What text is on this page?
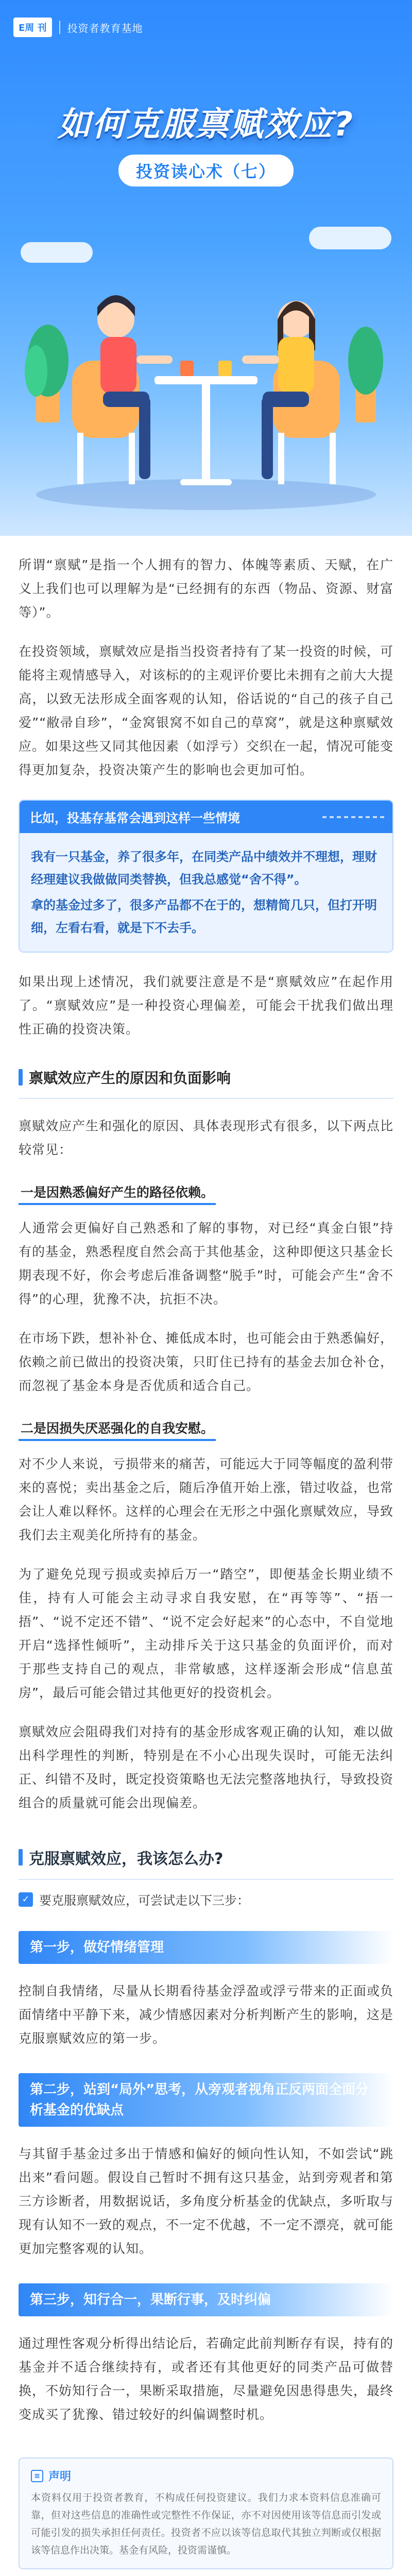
E周 刊	投资者教育基地
如何克服禀赋效应?
投资读心术（七）

所谓“禀赋”是指一个人拥有的智力、体魄等素质、天赋，在广义上我们也可以理解为是“已经拥有的东西（物品、资源、财富等）”。

在投资领域，禀赋效应是指当投资者持有了某一投资的时候，可能将主观情感导入，对该标的的主观评价要比未拥有之前大大提高，以致无法形成全面客观的认知，俗话说的“自己的孩子自己爱”“敝帚自珍”，“金窝银窝不如自己的草窝”，就是这种禀赋效应。如果这些又同其他因素（如浮亏）交织在一起，情况可能变得更加复杂，投资决策产生的影响也会更加可怕。

比如，投基存基常会遇到这样一些情境

我有一只基金，养了很多年，在同类产品中绩效并不理想，理财经理建议我做做同类替换，但我总感觉“舍不得”。

拿的基金过多了，很多产品都不在于的，想精简几只，但打开明细，左看右看，就是下不去手。

如果出现上述情况，我们就要注意是不是“禀赋效应”在起作用了。“禀赋效应”是一种投资心理偏差，可能会干扰我们做出理性正确的投资决策。

禀赋效应产生的原因和负面影响

禀赋效应产生和强化的原因、具体表现形式有很多，以下两点比较常见：

一是因熟悉偏好产生的路径依赖。

人通常会更偏好自己熟悉和了解的事物，对已经“真金白银”持有的基金，熟悉程度自然会高于其他基金，这种即便这只基金长期表现不好，你会考虑后准备调整“脱手”时，可能会产生“舍不得”的心理，犹豫不决，抗拒不决。

在市场下跌，想补补仓、摊低成本时，也可能会由于熟悉偏好，依赖之前已做出的投资决策，只盯住已持有的基金去加仓补仓，而忽视了基金本身是否优质和适合自己。

二是因损失厌恶强化的自我安慰。

对不少人来说，亏损带来的痛苦，可能远大于同等幅度的盈利带来的喜悦；卖出基金之后，随后净值开始上涨，错过收益，也常会让人难以释怀。这样的心理会在无形之中强化禀赋效应，导致我们去主观美化所持有的基金。

为了避免兑现亏损或卖掉后万一“踏空”，即便基金长期业绩不佳，持有人可能会主动寻求自我安慰，在“再等等”、“捂一捂”、“说不定还不错”、“说不定会好起来”的心态中，不自觉地开启“选择性倾听”，主动排斥关于这只基金的负面评价，而对于那些支持自己的观点，非常敏感，这样逐渐会形成“信息茧房”，最后可能会错过其他更好的投资机会。

禀赋效应会阻碍我们对持有的基金形成客观正确的认知，难以做出科学理性的判断，特别是在不小心出现失误时，可能无法纠正、纠错不及时，既定投资策略也无法完整落地执行，导致投资组合的质量就可能会出现偏差。

克服禀赋效应，我该怎么办?
✓ 要克服禀赋效应，可尝试走以下三步：
第一步，做好情绪管理

控制自我情绪，尽量从长期看待基金浮盈或浮亏带来的正面或负面情绪中平静下来，减少情感因素对分析判断产生的影响，这是克服禀赋效应的第一步。

第二步，站到“局外”思考，从旁观者视角正反两面全面分析基金的优缺点

与其留手基金过多出于情感和偏好的倾向性认知，不如尝试“跳出来”看问题。假设自己暂时不拥有这只基金，站到旁观者和第三方诊断者，用数据说话，多角度分析基金的优缺点，多听取与现有认知不一致的观点，不一定不优越，不一定不漂亮，就可能更加完整客观的认知。

第三步，知行合一，果断行事，及时纠偏

通过理性客观分析得出结论后，若确定此前判断存有误，持有的基金并不适合继续持有，或者还有其他更好的同类产品可做替换，不妨知行合一，果断采取措施，尽量避免因患得患失，最终变成买了犹豫、错过较好的纠偏调整时机。

≡ 声明

本资料仅用于投资者教育，不构成任何投资建议。我们力求本资料信息准确可靠，但对这些信息的准确性或完整性不作保证，亦不对因使用该等信息而引发或可能引发的损失承担任何责任。投资者不应以该等信息取代其独立判断或仅根据该等信息作出决策。基金有风险，投资需谨慎。
